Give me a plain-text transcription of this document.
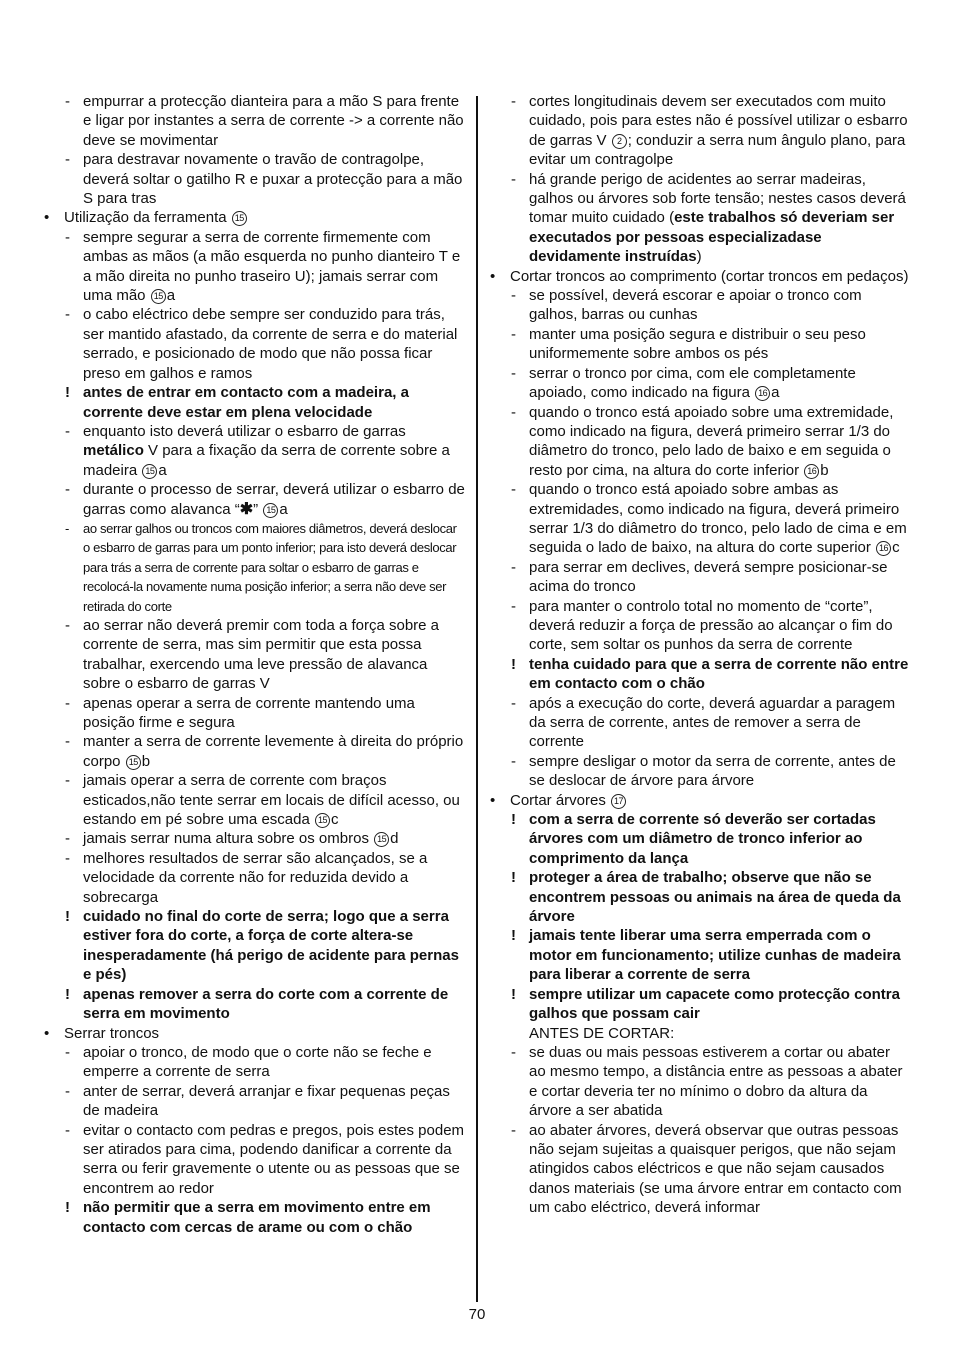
- empurrar a protecção dianteira para a mão S para frente e ligar por instantes a serra de corrente -> a corrente não deve se movimentar
- para destravar novamente o travão de contragolpe, deverá soltar o gatilho R e puxar a protecção para a mão S para tras
• Utilização da ferramenta 15
- sempre segurar a serra de corrente firmemente com ambas as mãos (a mão esquerda no punho dianteiro T e a mão direita no punho traseiro U); jamais serrar com uma mão 15 a
- o cabo eléctrico debe sempre ser conduzido para trás, ser mantido afastado, da corrente de serra e do material serrado, e posicionado de modo que não possa ficar preso em galhos e ramos
! antes de entrar em contacto com a madeira, a corrente deve estar em plena velocidade
- enquanto isto deverá utilizar o esbarro de garras metálico V para a fixação da serra de corrente sobre a madeira 15 a
- durante o processo de serrar, deverá utilizar o esbarro de garras como alavanca “✱” 15 a
- ao serrar galhos ou troncos com maiores diâmetros, deverá deslocar o esbarro de garras para um ponto inferior; para isto deverá deslocar para trás a serra de corrente para soltar o esbarro de garras e recolocá-la novamente numa posição inferior; a serra não deve ser retirada do corte
- ao serrar não deverá premir com toda a força sobre a corrente de serra, mas sim permitir que esta possa trabalhar, exercendo uma leve pressão de alavanca sobre o esbarro de garras V
- apenas operar a serra de corrente mantendo uma posição firme e segura
- manter a serra de corrente levemente à direita do próprio corpo 15 b
- jamais operar a serra de corrente com braços esticados,não tente serrar em locais de difícil acesso, ou estando em pé sobre uma escada 15 c
- jamais serrar numa altura sobre os ombros 15 d
- melhores resultados de serrar são alcançados, se a velocidade da corrente não for reduzida devido a sobrecarga
! cuidado no final do corte de serra; logo que a serra estiver fora do corte, a força de corte altera-se inesperadamente (há perigo de acidente para pernas e pés)
! apenas remover a serra do corte com a corrente de serra em movimento
• Serrar troncos
- apoiar o tronco, de modo que o corte não se feche e emperre a corrente de serra
- anter de serrar, deverá arranjar e fixar pequenas peças de madeira
- evitar o contacto com pedras e pregos, pois estes podem ser atirados para cima, podendo danificar a corrente da serra ou ferir gravemente o utente ou as pessoas que se encontrem ao redor
! não permitir que a serra em movimento entre em contacto com cercas de arame ou com o chão
- cortes longitudinais devem ser executados com muito cuidado, pois para estes não é possível utilizar o esbarro de garras V 2 ; conduzir a serra num ângulo plano, para evitar um contragolpe
- há grande perigo de acidentes ao serrar madeiras, galhos ou árvores sob forte tensão; nestes casos deverá tomar muito cuidado (este trabalhos só deveriam ser executados por pessoas especializadase devidamente instruídas)
• Cortar troncos ao comprimento (cortar troncos em pedaços)
- se possível, deverá escorar e apoiar o tronco com galhos, barras ou cunhas
- manter uma posição segura e distribuir o seu peso uniformemente sobre ambos os pés
- serrar o tronco por cima, com ele completamente apoiado, como indicado na figura 16 a
- quando o tronco está apoiado sobre uma extremidade, como indicado na figura, deverá primeiro serrar 1/3 do diâmetro do tronco, pelo lado de baixo e em seguida o resto por cima, na altura do corte inferior 16 b
- quando o tronco está apoiado sobre ambas as extremidades, como indicado na figura, deverá primeiro serrar 1/3 do diâmetro do tronco, pelo lado de cima e em seguida o lado de baixo, na altura do corte superior 16 c
- para serrar em declives, deverá sempre posicionar-se acima do tronco
- para manter o controlo total no momento de “corte”, deverá reduzir a força de pressão ao alcançar o fim do corte, sem soltar os punhos da serra de corrente
! tenha cuidado para que a serra de corrente não entre em contacto com o chão
- após a execução do corte, deverá aguardar a paragem da serra de corrente, antes de remover a serra de corrente
- sempre desligar o motor da serra de corrente, antes de se deslocar de árvore para árvore
• Cortar árvores 17
! com a serra de corrente só deverão ser cortadas árvores com um diâmetro de tronco inferior ao comprimento da lança
! proteger a área de trabalho; observe que não se encontrem pessoas ou animais na área de queda da árvore
! jamais tente liberar uma serra emperrada com o motor em funcionamento; utilize cunhas de madeira para liberar a corrente de serra
! sempre utilizar um capacete como protecção contra galhos que possam cair
ANTES DE CORTAR:
- se duas ou mais pessoas estiverem a cortar ou abater ao mesmo tempo, a distância entre as pessoas a abater e cortar deveria ter no mínimo o dobro da altura da árvore a ser abatida
- ao abater árvores, deverá observar que outras pessoas não sejam sujeitas a quaisquer perigos, que não sejam atingidos cabos eléctricos e que não sejam causados danos materiais (se uma árvore entrar em contacto com um cabo eléctrico, deverá informar
70
